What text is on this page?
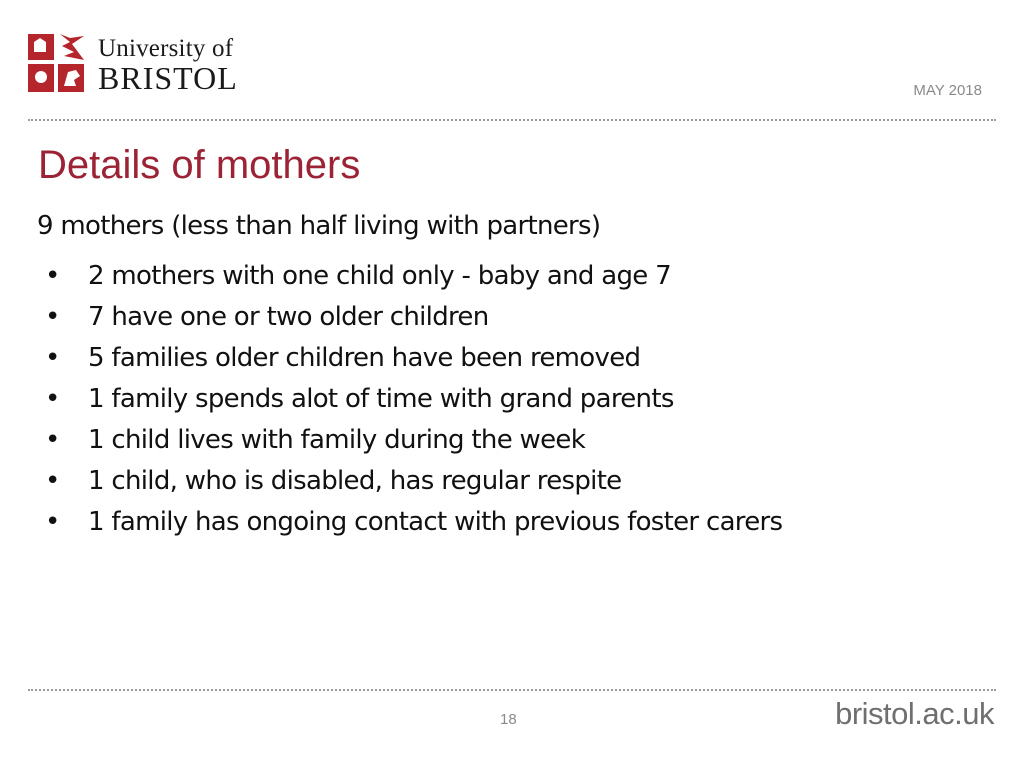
University of
BRISTOL	MAY 2018
Details of mothers
9 mothers (less than half living with partners)
• 2 mothers with one child only - baby and age 7
• 7 have one or two older children
• 5 families older children have been removed
• 1 family spends alot of time with grand parents
• 1 child lives with family during the week
• 1 child, who is disabled, has regular respite
• 1 family has ongoing contact with previous foster carers
18	bristol.ac.uk
